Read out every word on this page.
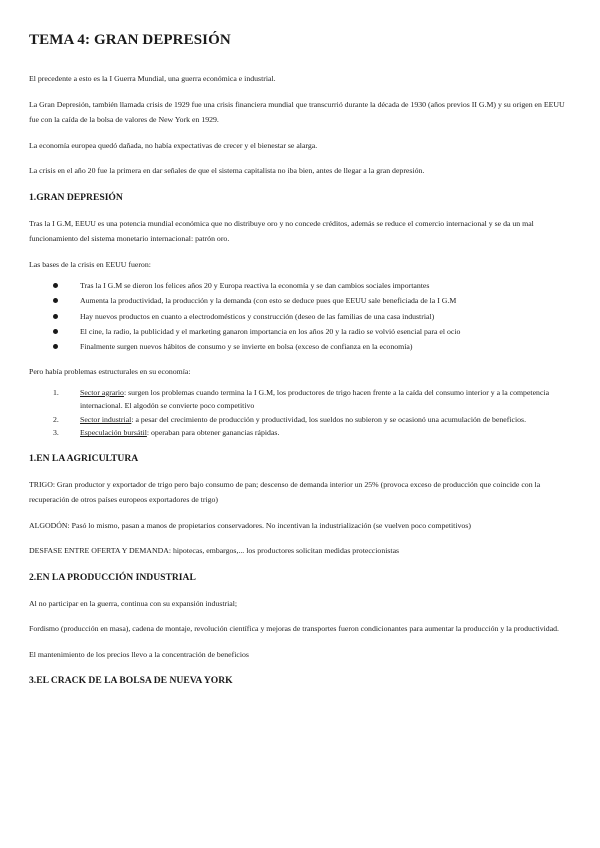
TEMA 4: GRAN DEPRESIÓN

El precedente a esto es la I Guerra Mundial, una guerra económica e industrial.

La Gran Depresión, también llamada crisis de 1929 fue una crisis financiera mundial que transcurrió durante la década de 1930 (años previos II G.M) y su origen en EEUU fue con la caída de la bolsa de valores de New York en 1929.

La economía europea quedó dañada, no había expectativas de crecer y el bienestar se alarga.

La crisis en el año 20 fue la primera en dar señales de que el sistema capitalista no iba bien, antes de llegar a la gran depresión.

1.GRAN DEPRESIÓN

Tras la I G.M, EEUU es una potencia mundial económica que no distribuye oro y no concede créditos, además se reduce el comercio internacional y se da un mal funcionamiento del sistema monetario internacional: patrón oro.

Las bases de la crisis en EEUU fueron:

Tras la I G.M se dieron los felices años 20 y Europa reactiva la economía y se dan cambios sociales importantes
Aumenta la productividad, la producción y la demanda (con esto se deduce pues que EEUU sale beneficiada de la I G.M
Hay nuevos productos en cuanto a electrodomésticos y construcción (deseo de las familias de una casa industrial)
El cine, la radio, la publicidad y el marketing ganaron importancia en los años 20 y la radio se volvió esencial para el ocio
Finalmente surgen nuevos hábitos de consumo y se invierte en bolsa (exceso de confianza en la economía)

Pero había problemas estructurales en su economía:

1.	Sector agrario: surgen los problemas cuando termina la I G.M, los productores de trigo hacen frente a la caída del consumo interior y a la competencia internacional. El algodón se convierte poco competitivo
2.	Sector industrial: a pesar del crecimiento de producción y productividad, los sueldos no subieron y se ocasionó una acumulación de beneficios.
3.	Especulación bursátil: operaban para obtener ganancias rápidas.
1.EN LA AGRICULTURA

TRIGO: Gran productor y exportador de trigo pero bajo consumo de pan; descenso de demanda interior un 25% (provoca exceso de producción que coincide con la recuperación de otros países europeos exportadores de trigo)

ALGODÓN: Pasó lo mismo, pasan a manos de propietarios conservadores. No incentivan la industrialización (se vuelven poco competitivos)

DESFASE ENTRE OFERTA Y DEMANDA: hipotecas, embargos,... los productores solicitan medidas proteccionistas

2.EN LA PRODUCCIÓN INDUSTRIAL

Al no participar en la guerra, continua con su expansión industrial;

Fordismo (producción en masa), cadena de montaje, revolución científica y mejoras de transportes fueron condicionantes para aumentar la producción y la productividad.

El mantenimiento de los precios llevo a la concentración de beneficios

3.EL CRACK DE LA BOLSA DE NUEVA YORK
